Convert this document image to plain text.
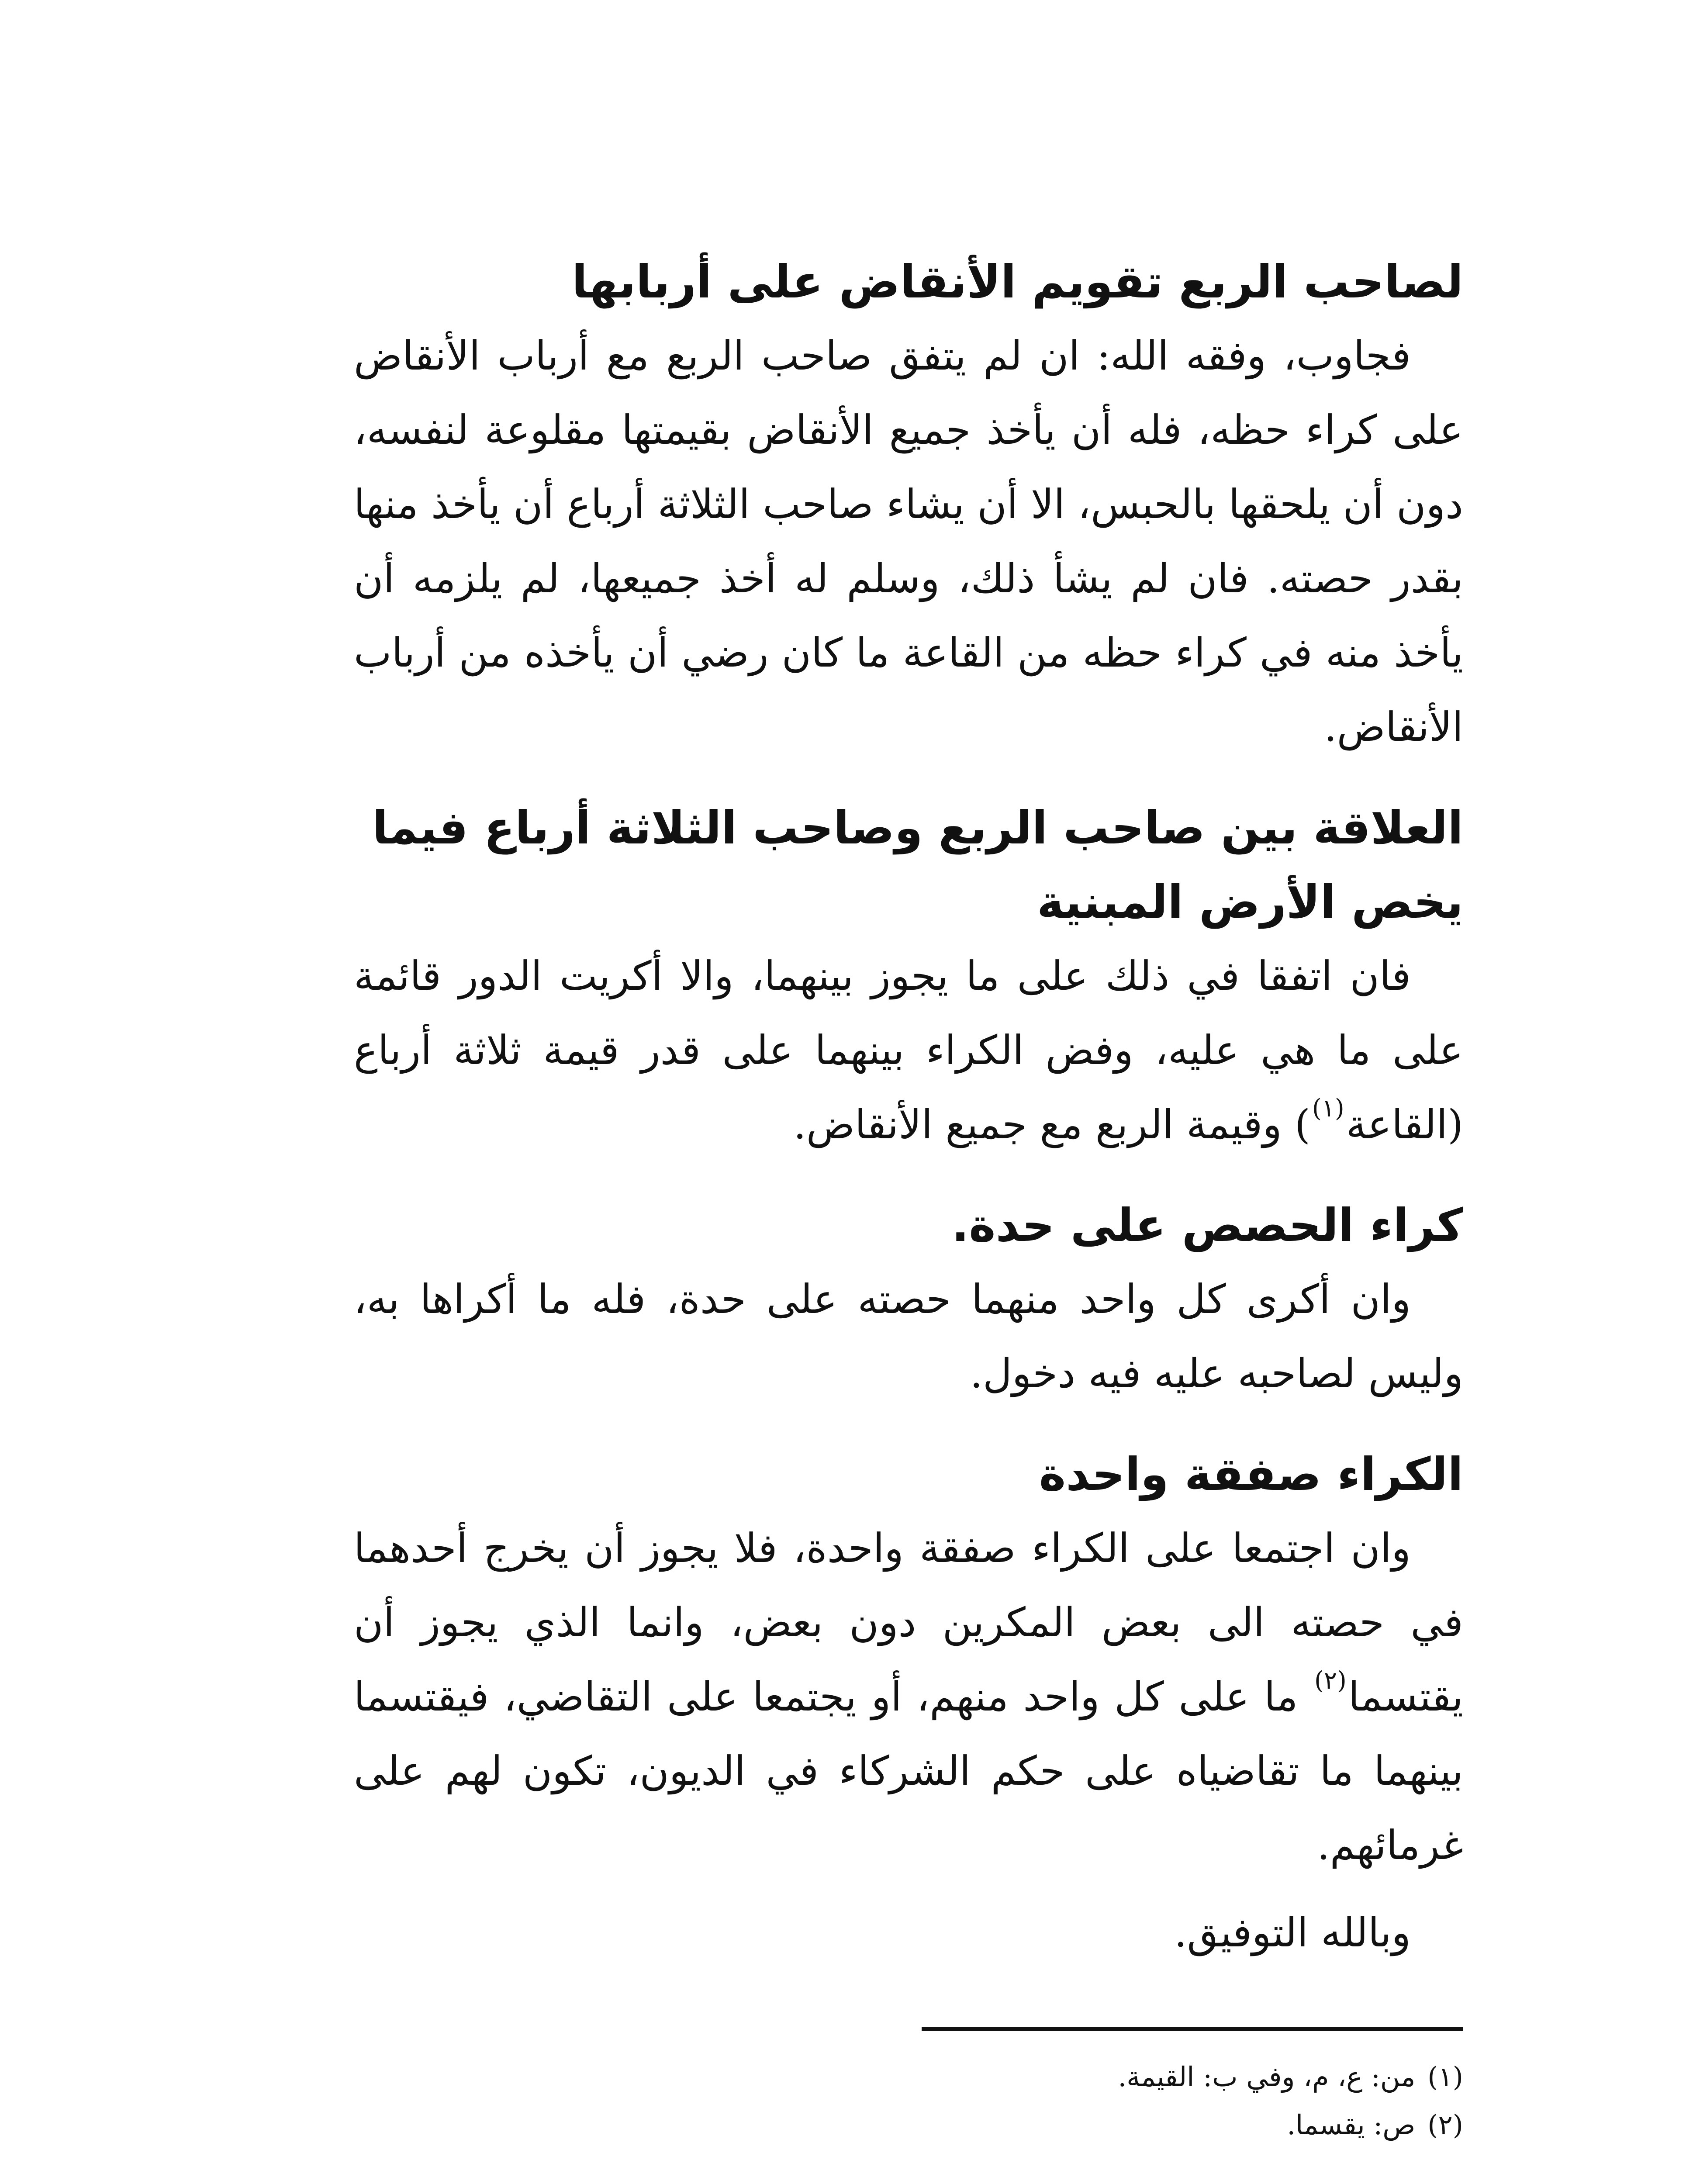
لصاحب الربع تقويم الأنقاض على أربابها

فجاوب، وفقه الله: ان لم يتفق صاحب الربع مع أرباب الأنقاض على كراء حظه، فله أن يأخذ جميع الأنقاض بقيمتها مقلوعة لنفسه، دون أن يلحقها بالحبس، الا أن يشاء صاحب الثلاثة أرباع أن يأخذ منها بقدر حصته. فان لم يشأ ذلك، وسلم له أخذ جميعها، لم يلزمه أن يأخذ منه في كراء حظه من القاعة ما كان رضي أن يأخذه من أرباب الأنقاض.

العلاقة بين صاحب الربع وصاحب الثلاثة أرباع فيما يخص الأرض المبنية

فان اتفقا في ذلك على ما يجوز بينهما، والا أكريت الدور قائمة على ما هي عليه، وفض الكراء بينهما على قدر قيمة ثلاثة أرباع (القاعة$^{(١)}$) وقيمة الربع مع جميع الأنقاض.

كراء الحصص على حدة.

وان أكرى كل واحد منهما حصته على حدة، فله ما أكراها به، وليس لصاحبه عليه فيه دخول.

الكراء صفقة واحدة

وان اجتمعا على الكراء صفقة واحدة، فلا يجوز أن يخرج أحدهما في حصته الى بعض المكرين دون بعض، وانما الذي يجوز أن يقتسما$^{(٢)}$ ما على كل واحد منهم، أو يجتمعا على التقاضي، فيقتسما بينهما ما تقاضياه على حكم الشركاء في الديون، تكون لهم على غرمائهم.

وبالله التوفيق.

(١)من: ع، م، وفي ب: القيمة.

(٢)ص: يقسما.
